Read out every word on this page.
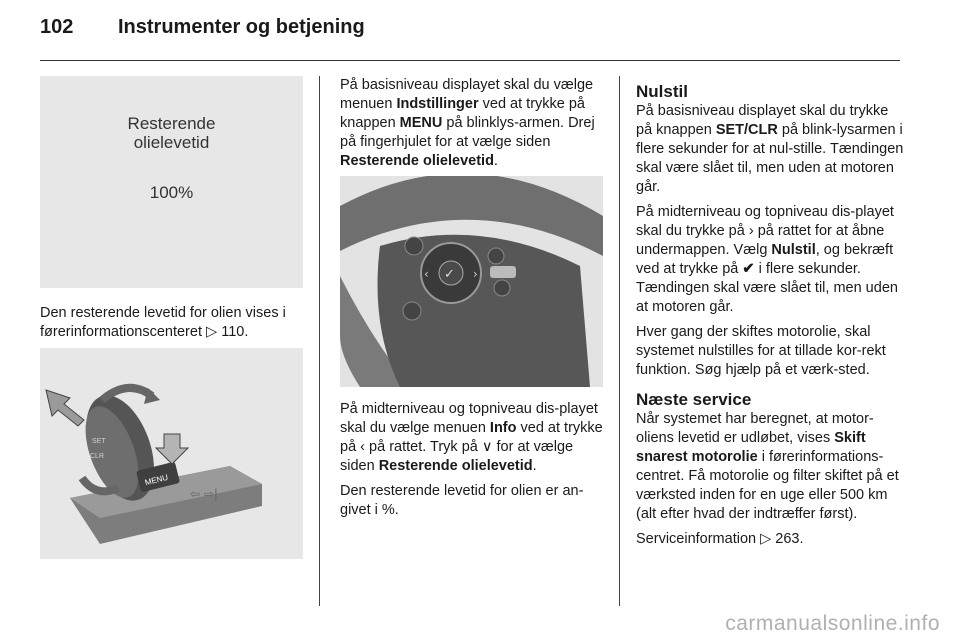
102 Instrumenter og betjening
Resterende
olielevetid
100%

Den resterende levetid for olien vises i førerinformationscenteret ▷ 110.

MENU
SET
CLR
⇦ ⇨|

På basisniveau displayet skal du vælge menuen Indstillinger ved at trykke på knappen MENU på blinklys-armen. Drej på fingerhjulet for at vælge siden Resterende olielevetid.

✓
‹	›

På midterniveau og topniveau dis-playet skal du vælge menuen Info ved at trykke på ‹ på rattet. Tryk på ∨ for at vælge siden Resterende olielevetid.

Den resterende levetid for olien er an-givet i %.

Nulstil

På basisniveau displayet skal du trykke på knappen SET/CLR på blink-lysarmen i flere sekunder for at nul-stille. Tændingen skal være slået til, men uden at motoren går.

På midterniveau og topniveau dis-playet skal du trykke på › på rattet for at åbne undermappen. Vælg Nulstil, og bekræft ved at trykke på ✔ i flere sekunder. Tændingen skal være slået til, men uden at motoren går.

Hver gang der skiftes motorolie, skal systemet nulstilles for at tillade kor-rekt funktion. Søg hjælp på et værk-sted.

Næste service

Når systemet har beregnet, at motor-oliens levetid er udløbet, vises Skift snarest motorolie i førerinformations-centret. Få motorolie og filter skiftet på et værksted inden for en uge eller 500 km (alt efter hvad der indtræffer først).

Serviceinformation ▷ 263.

carmanualsonline.info
